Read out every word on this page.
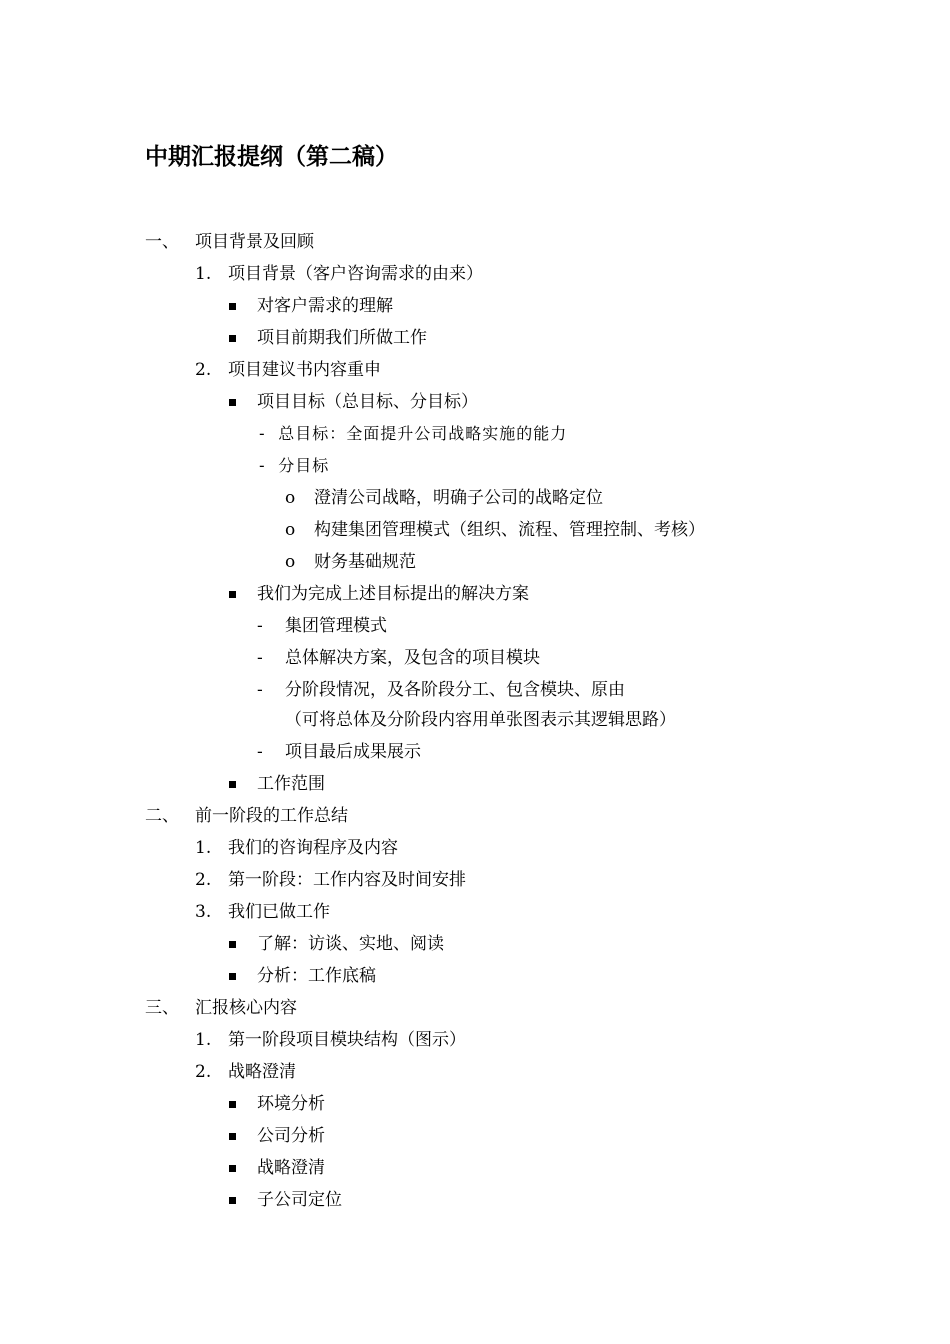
中期汇报提纲（第二稿）
一、 项目背景及回顾
1. 项目背景（客户咨询需求的由来）
对客户需求的理解
项目前期我们所做工作
2. 项目建议书内容重申
项目目标（总目标、分目标）
- 总目标：全面提升公司战略实施的能力
- 分目标
o 澄清公司战略，明确子公司的战略定位
o 构建集团管理模式（组织、流程、管理控制、考核）
o 财务基础规范
我们为完成上述目标提出的解决方案
- 集团管理模式
- 总体解决方案，及包含的项目模块
- 分阶段情况，及各阶段分工、包含模块、原由
（可将总体及分阶段内容用单张图表示其逻辑思路）
- 项目最后成果展示
工作范围
二、 前一阶段的工作总结
1. 我们的咨询程序及内容
2. 第一阶段：工作内容及时间安排
3. 我们已做工作
了解：访谈、实地、阅读
分析：工作底稿
三、 汇报核心内容
1. 第一阶段项目模块结构（图示）
2. 战略澄清
环境分析
公司分析
战略澄清
子公司定位
